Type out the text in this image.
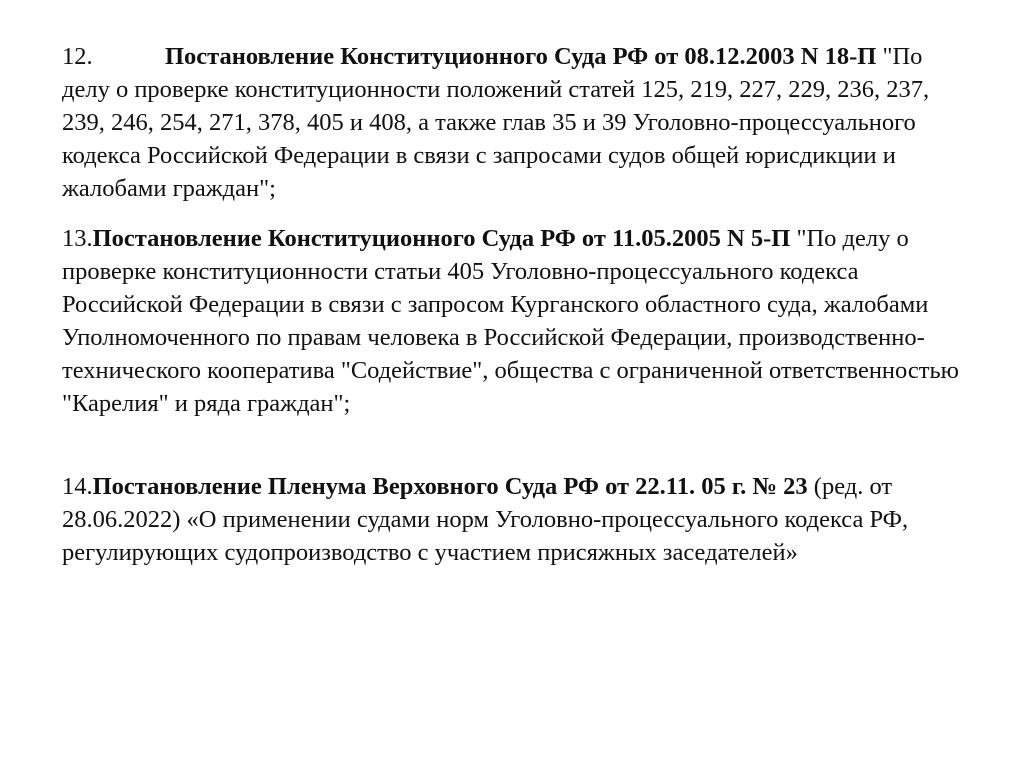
12.	Постановление Конституционного Суда РФ от 08.12.2003 N 18-П "По делу о проверке конституционности положений статей 125, 219, 227, 229, 236, 237, 239, 246, 254, 271, 378, 405 и 408, а также глав 35 и 39 Уголовно-процессуального кодекса Российской Федерации в связи с запросами судов общей юрисдикции и жалобами граждан";

13.Постановление Конституционного Суда РФ от 11.05.2005 N 5-П "По делу о проверке конституционности статьи 405 Уголовно-процессуального кодекса Российской Федерации в связи с запросом Курганского областного суда, жалобами Уполномоченного по правам человека в Российской Федерации, производственно-технического кооператива "Содействие", общества с ограниченной ответственностью "Карелия" и ряда граждан";

14.Постановление Пленума Верховного Суда РФ от 22.11. 05 г. № 23 (ред. от 28.06.2022) «О применении судами норм Уголовно-процессуального кодекса РФ, регулирующих судопроизводство с участием присяжных заседателей»
